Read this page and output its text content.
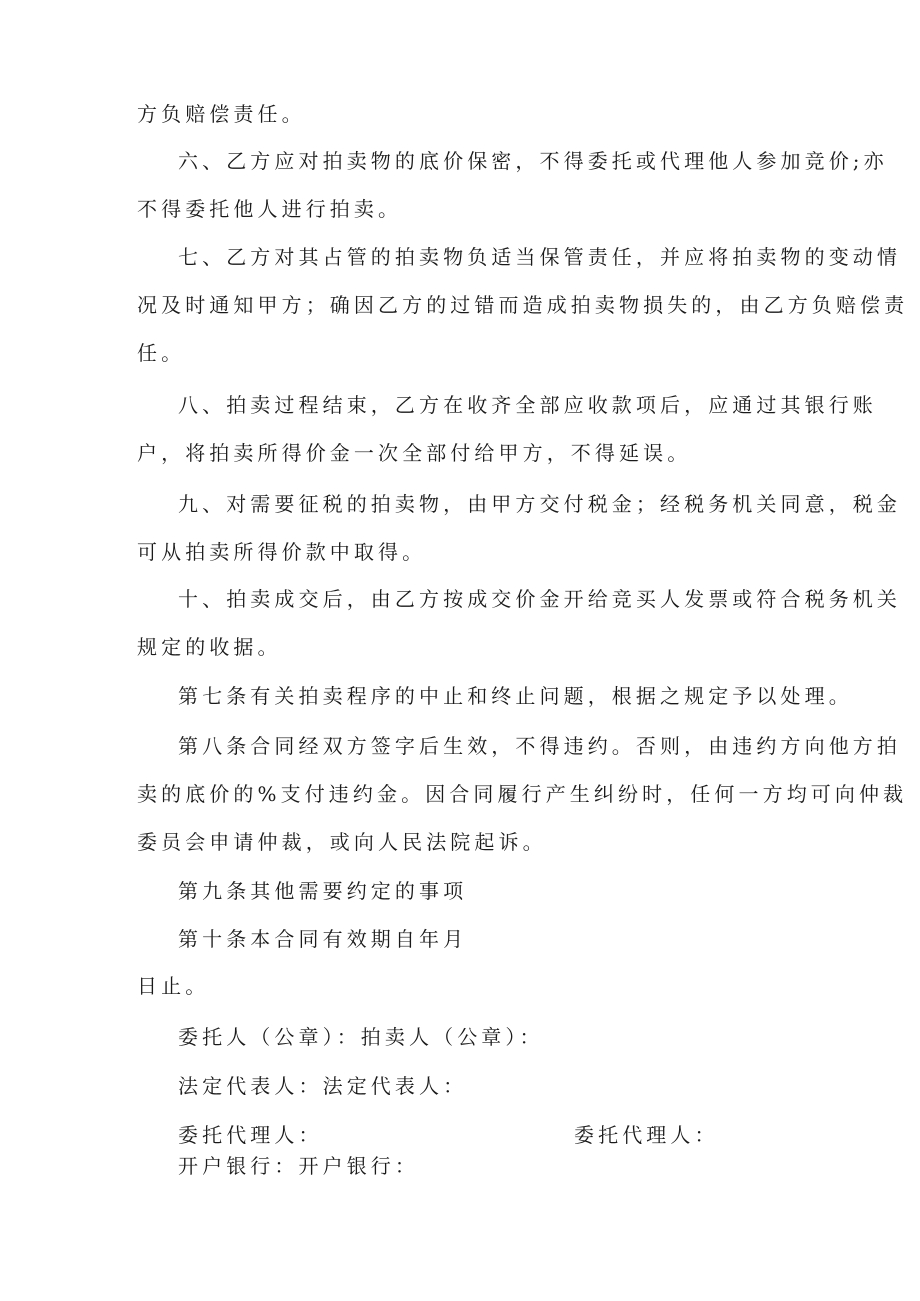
方负赔偿责任。
六、乙方应对拍卖物的底价保密，不得委托或代理他人参加竞价;亦
不得委托他人进行拍卖。
七、乙方对其占管的拍卖物负适当保管责任，并应将拍卖物的变动情
况及时通知甲方；确因乙方的过错而造成拍卖物损失的，由乙方负赔偿责
任。
八、拍卖过程结束，乙方在收齐全部应收款项后，应通过其银行账
户，将拍卖所得价金一次全部付给甲方，不得延误。
九、对需要征税的拍卖物，由甲方交付税金；经税务机关同意，税金
可从拍卖所得价款中取得。
十、拍卖成交后，由乙方按成交价金开给竞买人发票或符合税务机关
规定的收据。
第七条有关拍卖程序的中止和终止问题，根据之规定予以处理。
第八条合同经双方签字后生效，不得违约。否则，由违约方向他方拍
卖的底价的%支付违约金。因合同履行产生纠纷时，任何一方均可向仲裁
委员会申请仲裁，或向人民法院起诉。
第九条其他需要约定的事项
第十条本合同有效期自年月
日止。
委托人（公章）：拍卖人（公章）：
法定代表人：法定代表人：
委托代理人：	委托代理人：
开户银行：开户银行：
